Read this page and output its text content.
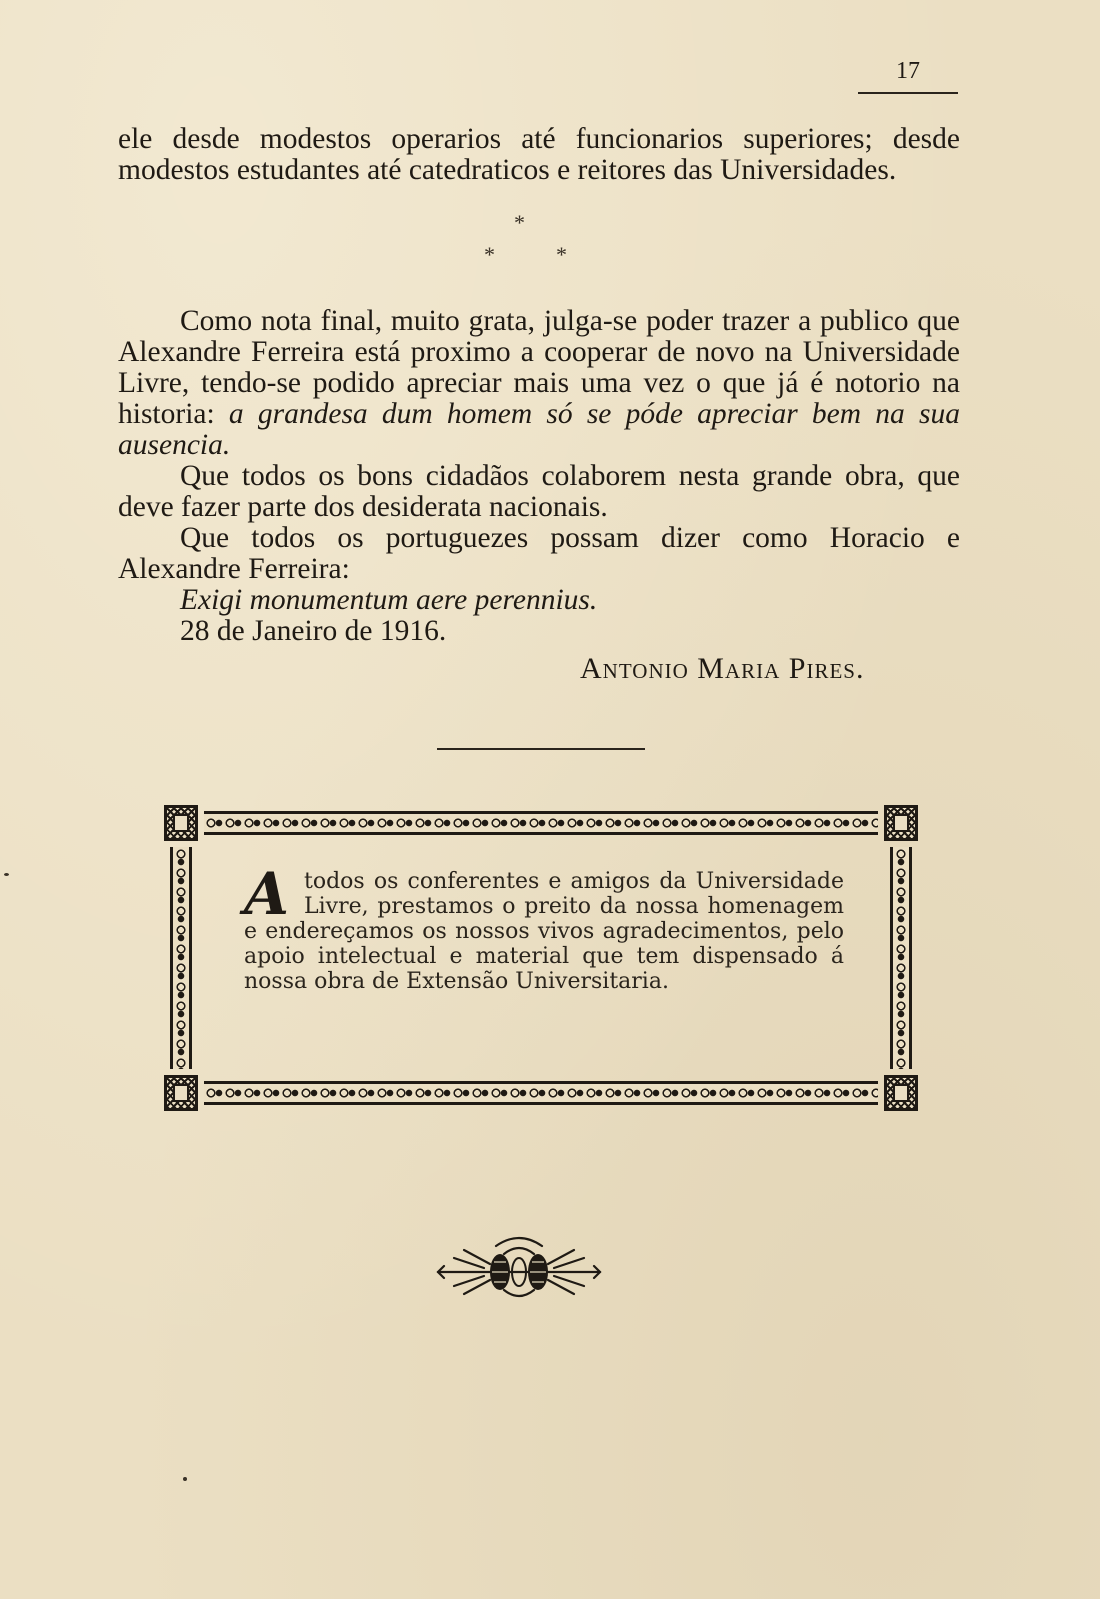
17

ele desde modestos operarios até funcionarios superiores; desde modestos estudantes até catedraticos e reitores das Universidades.

*
*	*

Como nota final, muito grata, julga-se poder trazer a publico que Alexandre Ferreira está proximo a cooperar de novo na Universidade Livre, tendo-se podido apreciar mais uma vez o que já é notorio na historia: a grandesa dum homem só se póde apreciar bem na sua ausencia.

Que todos os bons cidadãos colaborem nesta grande obra, que deve fazer parte dos desiderata nacionais.

Que todos os portuguezes possam dizer como Horacio e Alexandre Ferreira:

Exigi monumentum aere perennius.

28 de Janeiro de 1916.

Antonio Maria Pires.
Atodos os conferentes e amigos da Universidade Livre, prestamos o preito da nossa homenagem e endereçamos os nossos vivos agradecimentos, pelo apoio intelectual e material que tem dispensado á nossa obra de Extensão Universitaria.
